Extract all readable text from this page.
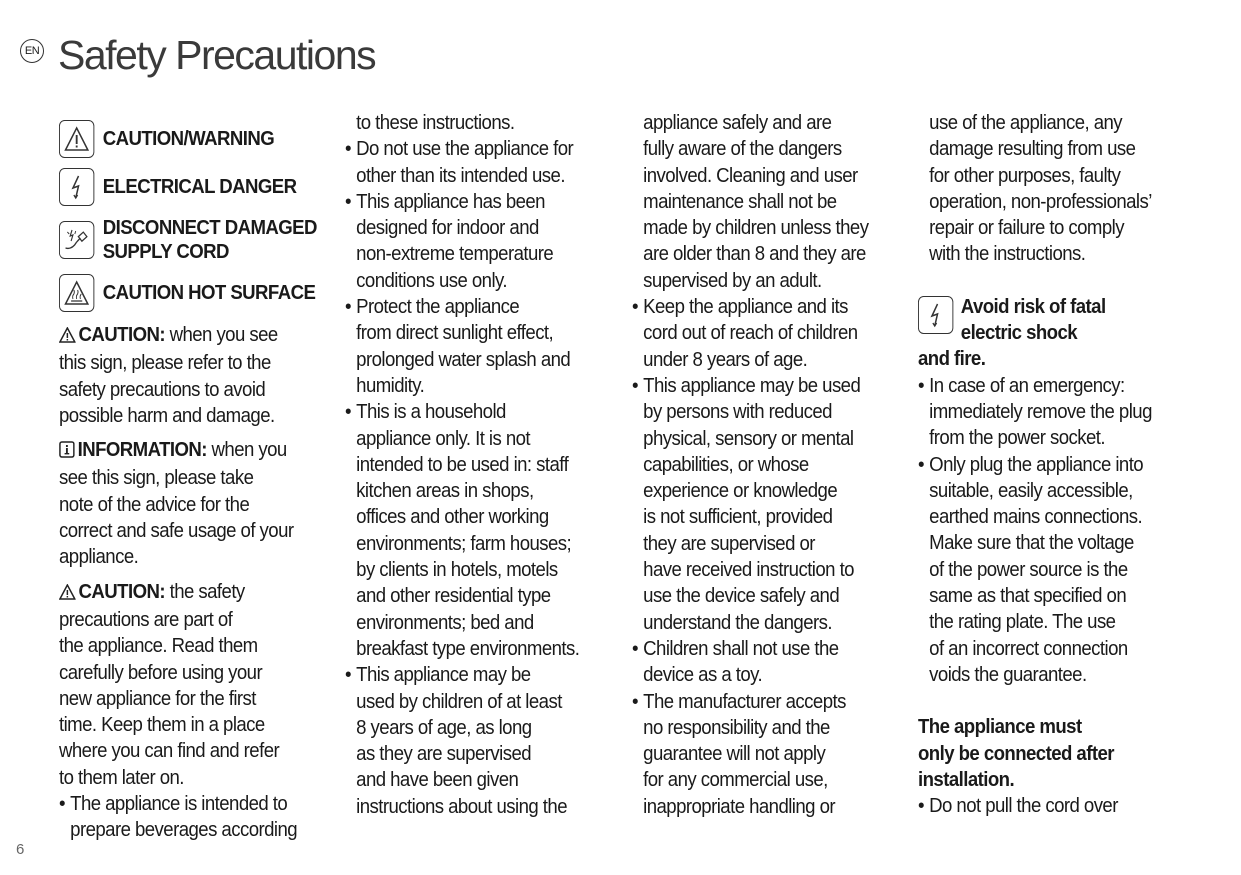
EN Safety Precautions
CAUTION/WARNING
ELECTRICAL DANGER
DISCONNECT DAMAGED
SUPPLY CORD
CAUTION HOT SURFACE
CAUTION: when you see
this sign, please refer to the
safety precautions to avoid
possible harm and damage.
INFORMATION: when you
see this sign, please take
note of the advice for the
correct and safe usage of your
appliance.
CAUTION: the safety
precautions are part of
the appliance. Read them
carefully before using your
new appliance for the first
time. Keep them in a place
where you can find and refer
to them later on.
• The appliance is intended to
prepare beverages according
to these instructions.
• Do not use the appliance for
other than its intended use.
• This appliance has been
designed for indoor and
non-extreme temperature
conditions use only.
• Protect the appliance
from direct sunlight effect,
prolonged water splash and
humidity.
• This is a household
appliance only. It is not
intended to be used in: staff
kitchen areas in shops,
offices and other working
environments; farm houses;
by clients in hotels, motels
and other residential type
environments; bed and
breakfast type environments.
• This appliance may be
used by children of at least
8 years of age, as long
as they are supervised
and have been given
instructions about using the
appliance safely and are
fully aware of the dangers
involved. Cleaning and user
maintenance shall not be
made by children unless they
are older than 8 and they are
supervised by an adult.
• Keep the appliance and its
cord out of reach of children
under 8 years of age.
• This appliance may be used
by persons with reduced
physical, sensory or mental
capabilities, or whose
experience or knowledge
is not sufficient, provided
they are supervised or
have received instruction to
use the device safely and
understand the dangers.
• Children shall not use the
device as a toy.
• The manufacturer accepts
no responsibility and the
guarantee will not apply
for any commercial use,
inappropriate handling or
use of the appliance, any
damage resulting from use
for other purposes, faulty
operation, non-professionals’
repair or failure to comply
with the instructions.
Avoid risk of fatal
electric shock
and fire.
• In case of an emergency:
immediately remove the plug
from the power socket.
• Only plug the appliance into
suitable, easily accessible,
earthed mains connections.
Make sure that the voltage
of the power source is the
same as that specified on
the rating plate. The use
of an incorrect connection
voids the guarantee.
The appliance must
only be connected after
installation.
• Do not pull the cord over
6
